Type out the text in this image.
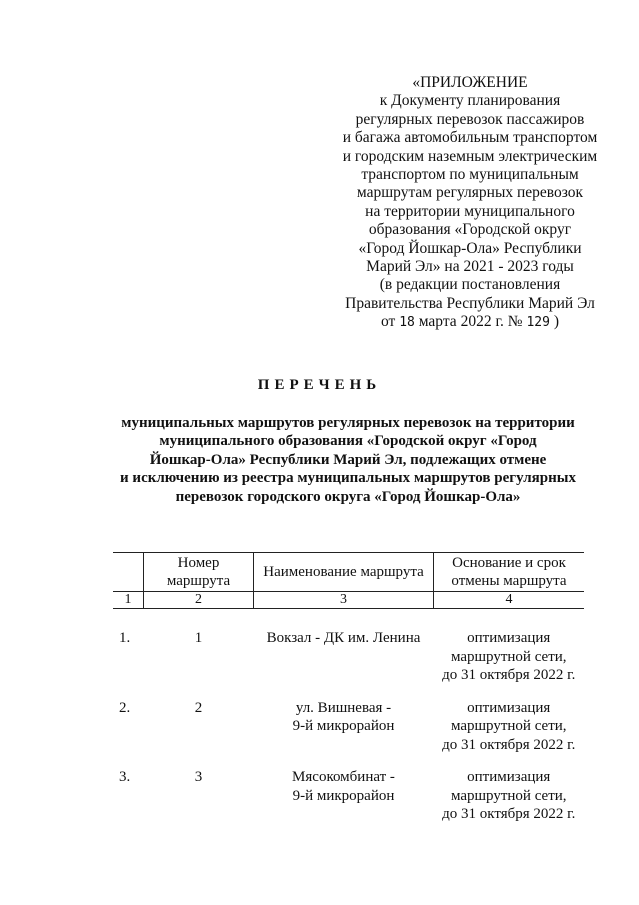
«ПРИЛОЖЕНИЕ
к Документу планирования
регулярных перевозок пассажиров
и багажа автомобильным транспортом
и городским наземным электрическим
транспортом по муниципальным
маршрутам регулярных перевозок
на территории муниципального
образования «Городской округ
«Город Йошкар-Ола» Республики
Марий Эл» на 2021 - 2023 годы
(в редакции постановления
Правительства Республики Марий Эл
от 18 марта 2022 г. № 129 )
ПЕРЕЧЕНЬ
муниципальных маршрутов регулярных перевозок на территории
муниципального образования «Городской округ «Город
Йошкар-Ола» Республики Марий Эл, подлежащих отмене
и исключению из реестра муниципальных маршрутов регулярных
перевозок городского округа «Город Йошкар-Ола»
	Номер
маршрута	Наименование маршрута	Основание и срок
отмены маршрута
1	2	3	4

1.	1	Вокзал - ДК им. Ленина	оптимизация
маршрутной сети,
до 31 октября 2022 г.
2.	2	ул. Вишневая -
9-й микрорайон	оптимизация
маршрутной сети,
до 31 октября 2022 г.
3.	3	Мясокомбинат -
9-й микрорайон	оптимизация
маршрутной сети,
до 31 октября 2022 г.
